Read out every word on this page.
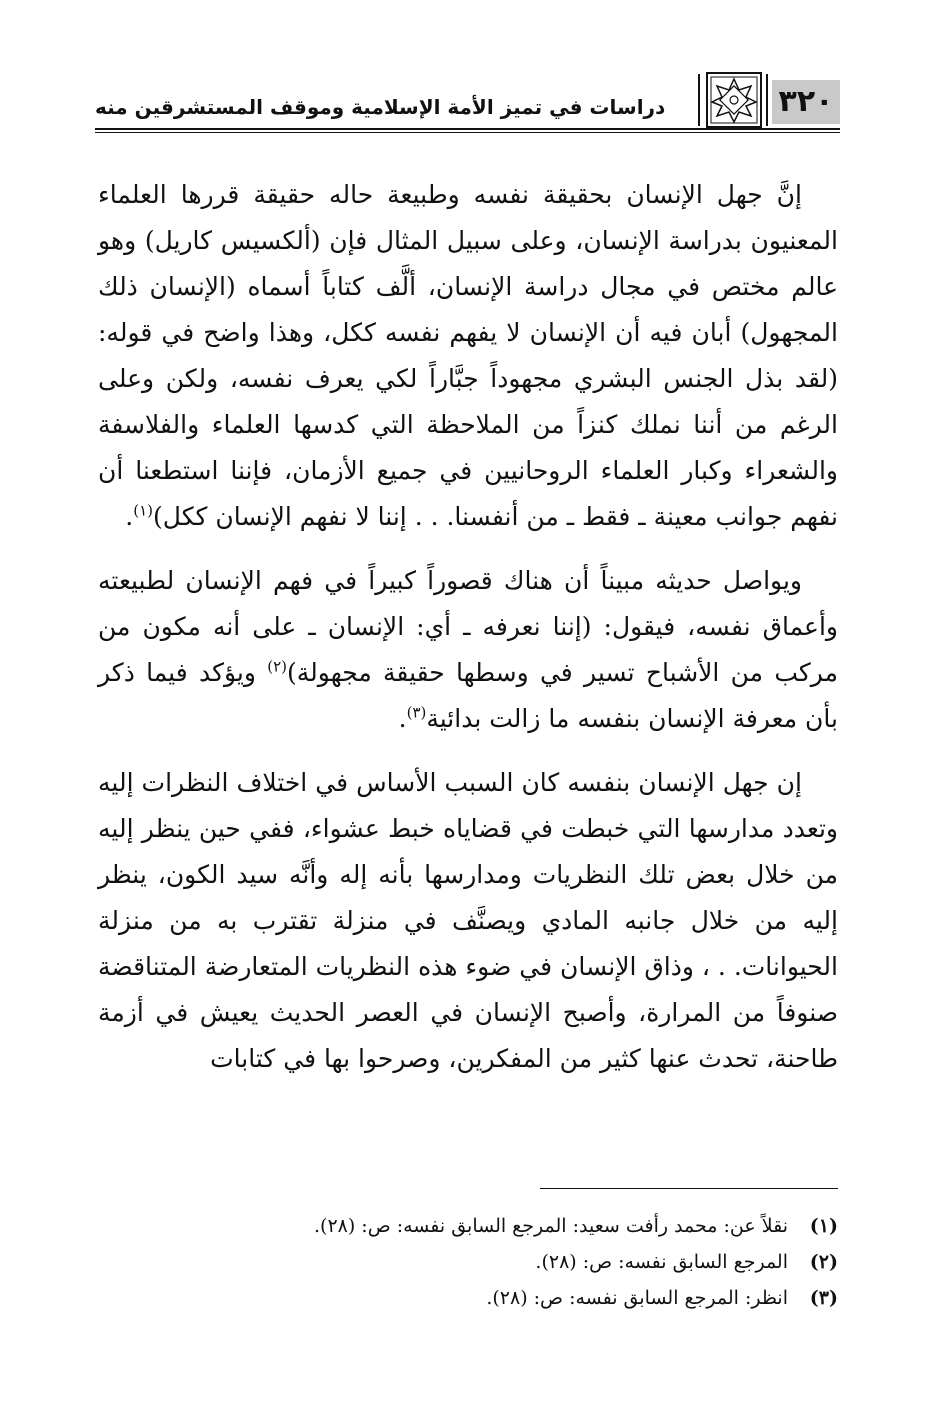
٣٢٠
دراسات في تميز الأمة الإسلامية وموقف المستشرقين منه

إنَّ جهل الإنسان بحقيقة نفسه وطبيعة حاله حقيقة قررها العلماء المعنيون بدراسة الإنسان، وعلى سبيل المثال فإن (ألكسيس كاريل) وهو عالم مختص في مجال دراسة الإنسان، ألَّف كتاباً أسماه (الإنسان ذلك المجهول) أبان فيه أن الإنسان لا يفهم نفسه ككل، وهذا واضح في قوله: (لقد بذل الجنس البشري مجهوداً جبَّاراً لكي يعرف نفسه، ولكن وعلى الرغم من أننا نملك كنزاً من الملاحظة التي كدسها العلماء والفلاسفة والشعراء وكبار العلماء الروحانيين في جميع الأزمان، فإننا استطعنا أن نفهم جوانب معينة ـ فقط ـ من أنفسنا. . . إننا لا نفهم الإنسان ككل)$^{(١)}$.

ويواصل حديثه مبيناً أن هناك قصوراً كبيراً في فهم الإنسان لطبيعته وأعماق نفسه، فيقول: (إننا نعرفه ـ أي: الإنسان ـ على أنه مكون من مركب من الأشباح تسير في وسطها حقيقة مجهولة)$^{(٢)}$ ويؤكد فيما ذكر بأن معرفة الإنسان بنفسه ما زالت بدائية$^{(٣)}$.

إن جهل الإنسان بنفسه كان السبب الأساس في اختلاف النظرات إليه وتعدد مدارسها التي خبطت في قضاياه خبط عشواء، ففي حين ينظر إليه من خلال بعض تلك النظريات ومدارسها بأنه إله وأنَّه سيد الكون، ينظر إليه من خلال جانبه المادي ويصنَّف في منزلة تقترب به من منزلة الحيوانات. . ، وذاق الإنسان في ضوء هذه النظريات المتعارضة المتناقضة صنوفاً من المرارة، وأصبح الإنسان في العصر الحديث يعيش في أزمة طاحنة، تحدث عنها كثير من المفكرين، وصرحوا بها في كتابات

(١)
نقلاً عن: محمد رأفت سعيد: المرجع السابق نفسه: ص: (٢٨).
(٢)
المرجع السابق نفسه: ص: (٢٨).
(٣)
انظر: المرجع السابق نفسه: ص: (٢٨).
